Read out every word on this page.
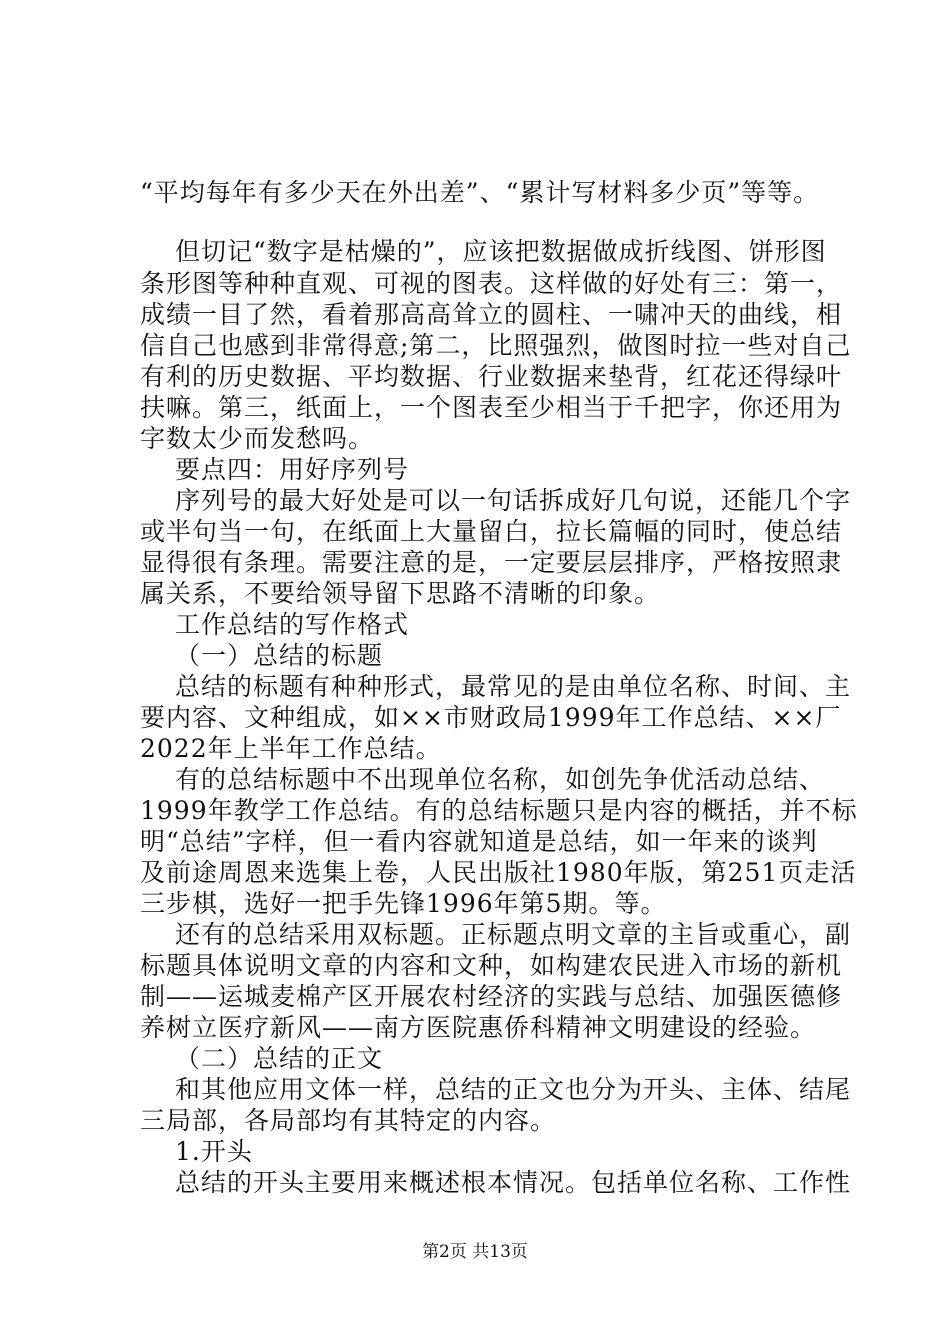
“平均每年有多少天在外出差”、“累计写材料多少页”等等。
但切记“数字是枯燥的”，应该把数据做成折线图、饼形图
条形图等种种直观、可视的图表。这样做的好处有三：第一，
成绩一目了然，看着那高高耸立的圆柱、一啸冲天的曲线，相
信自己也感到非常得意;第二，比照强烈，做图时拉一些对自己
有利的历史数据、平均数据、行业数据来垫背，红花还得绿叶
扶嘛。第三，纸面上，一个图表至少相当于千把字，你还用为
字数太少而发愁吗。
要点四：用好序列号
序列号的最大好处是可以一句话拆成好几句说，还能几个字
或半句当一句，在纸面上大量留白，拉长篇幅的同时，使总结
显得很有条理。需要注意的是，一定要层层排序，严格按照隶
属关系，不要给领导留下思路不清晰的印象。
工作总结的写作格式
（一）总结的标题
总结的标题有种种形式，最常见的是由单位名称、时间、主
要内容、文种组成，如××市财政局1999年工作总结、××厂
2022年上半年工作总结。
有的总结标题中不出现单位名称，如创先争优活动总结、
1999年教学工作总结。有的总结标题只是内容的概括，并不标
明“总结”字样，但一看内容就知道是总结，如一年来的谈判
及前途周恩来选集上卷，人民出版社1980年版，第251页走活
三步棋，选好一把手先锋1996年第5期。等。
还有的总结采用双标题。正标题点明文章的主旨或重心，副
标题具体说明文章的内容和文种，如构建农民进入市场的新机
制——运城麦棉产区开展农村经济的实践与总结、加强医德修
养树立医疗新风——南方医院惠侨科精神文明建设的经验。
（二）总结的正文
和其他应用文体一样，总结的正文也分为开头、主体、结尾
三局部，各局部均有其特定的内容。
1.开头
总结的开头主要用来概述根本情况。包括单位名称、工作性
第2页 共13页
